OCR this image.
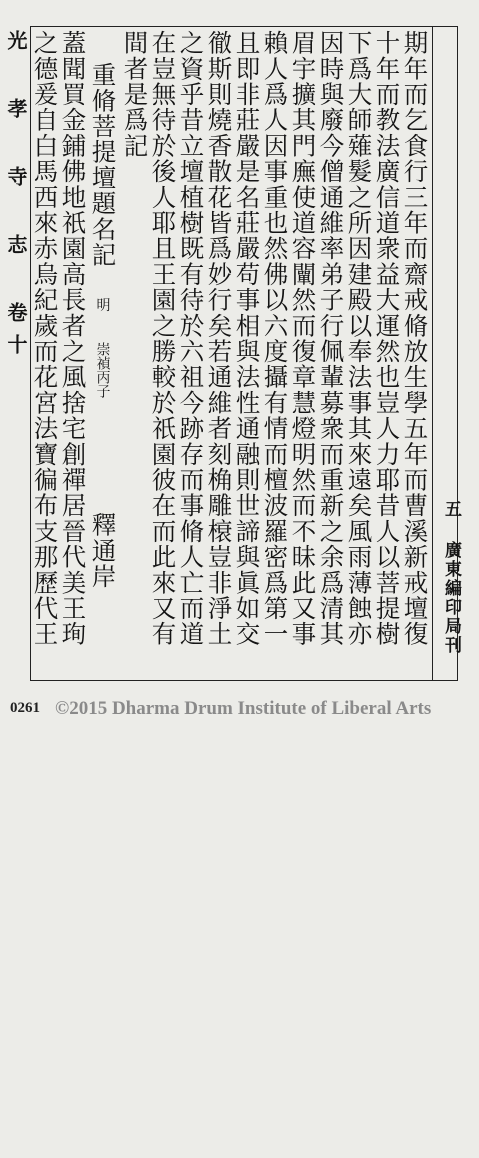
光 孝 寺 志 卷十	期年而乞食行三年而齋戒脩放生學五年而曹溪新戒壇復
十年而教法廣信道衆益大運然也豈人力耶昔人以菩提樹
下爲大師薙髮之所因建殿以奉法事其來遠矣風雨薄蝕亦
因時與廢今僧通維率弟子行佩輩募衆而重新之余爲清其
眉宇擴其門廡使道容闡然而復章慧燈明然而不昧此又事
賴人爲人因事重也然佛以六度攝有情而檀波羅密爲第一
且即非莊嚴是名莊嚴苟事相與法性通融則世諦與眞如交
徹斯則燒香散花皆爲妙行矣若通維者刻桷雕榱豈非淨土
之資乎昔立壇植樹既有待於六祖今跡存而事脩人亡而道
在豈無待於後人耶且王園之勝較於祇園彼在而此來又有
間者是爲記
重脩菩提壇題名記 明 崇禎丙子
釋通岸
蓋聞買金鋪佛地祇園高長者之風捨宅創禪居晉代美王珣
之德爰自白馬西來赤烏紀歲而花宮法寶徧布支那歷代王	五 廣東編印局刊
0261 ©2015 Dharma Drum Institute of Liberal Arts
